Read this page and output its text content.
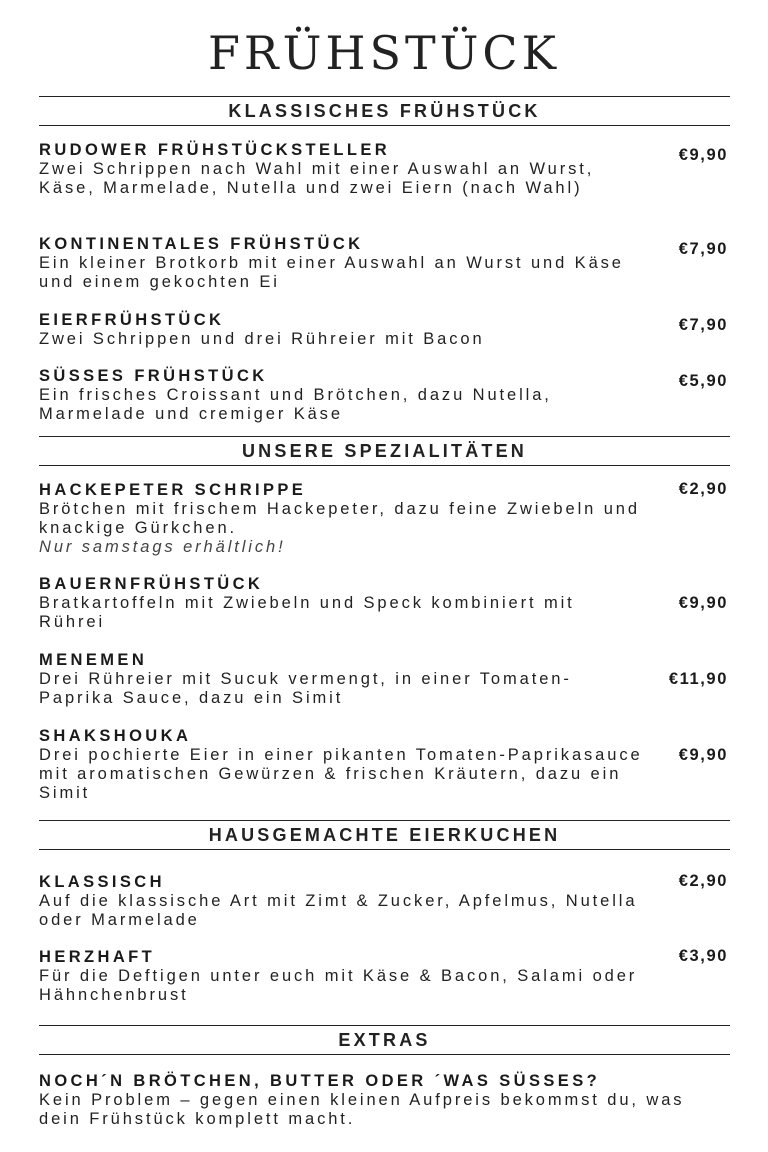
FRÜHSTÜCK
KLASSISCHES FRÜHSTÜCK
RUDOWER FRÜHSTÜCKSTELLER
Zwei Schrippen nach Wahl mit einer Auswahl an Wurst, Käse, Marmelade, Nutella und zwei Eiern (nach Wahl)
€9,90
KONTINENTALES FRÜHSTÜCK
Ein kleiner Brotkorb mit einer Auswahl an Wurst und Käse und einem gekochten Ei
€7,90
EIERFRÜHSTÜCK
Zwei Schrippen und drei Rühreier mit Bacon
€7,90
SÜSSES FRÜHSTÜCK
Ein frisches Croissant und Brötchen, dazu Nutella, Marmelade und cremiger Käse
€5,90
UNSERE SPEZIALITÄTEN
HACKEPETER SCHRIPPE
Brötchen mit frischem Hackepeter, dazu feine Zwiebeln und knackige Gürkchen.
Nur samstags erhältlich!
€2,90
BAUERNFRÜHSTÜCK
Bratkartoffeln mit Zwiebeln und Speck kombiniert mit Rührei
€9,90
MENEMEN
Drei Rühreier mit Sucuk vermengt, in einer Tomaten-Paprika Sauce, dazu ein Simit
€11,90
SHAKSHOUKA
Drei pochierte Eier in einer pikanten Tomaten-Paprikasauce mit aromatischen Gewürzen & frischen Kräutern, dazu ein Simit
€9,90
HAUSGEMACHTE EIERKUCHEN
KLASSISCH
Auf die klassische Art mit Zimt & Zucker, Apfelmus, Nutella oder Marmelade
€2,90
HERZHAFT
Für die Deftigen unter euch mit Käse & Bacon, Salami oder Hähnchenbrust
€3,90
EXTRAS
NOCH´N BRÖTCHEN, BUTTER ODER ´WAS SÜSSES?
Kein Problem – gegen einen kleinen Aufpreis bekommst du, was dein Frühstück komplett macht.
